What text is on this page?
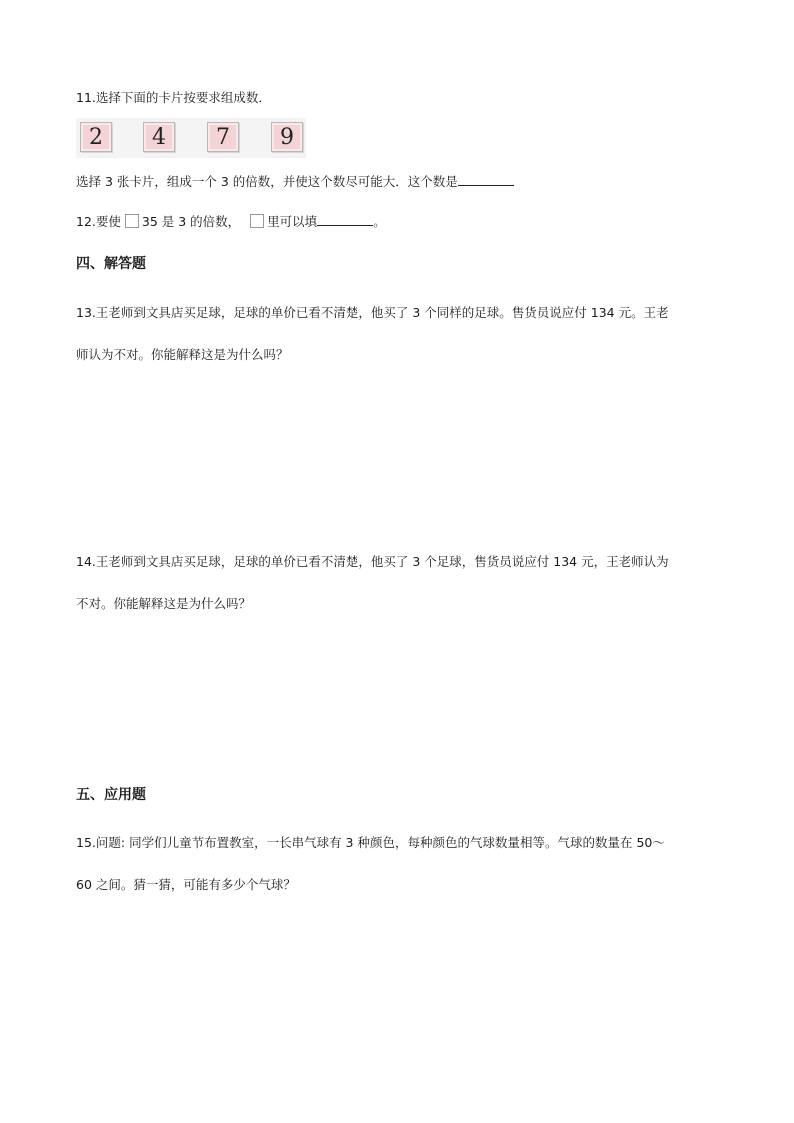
11.选择下面的卡片按要求组成数．
2	4	7	9
选择 3 张卡片，组成一个 3 的倍数，并使这个数尽可能大．这个数是
12.要使 35 是 3 的倍数， 里可以填	。
四、解答题
13.王老师到文具店买足球，足球的单价已看不清楚，他买了 3 个同样的足球。售货员说应付 134 元。王老
师认为不对。你能解释这是为什么吗？
14.王老师到文具店买足球，足球的单价已看不清楚，他买了 3 个足球，售货员说应付 134 元，王老师认为
不对。你能解释这是为什么吗？
五、应用题
15.问题: 同学们儿童节布置教室，一长串气球有 3 种颜色，每种颜色的气球数量相等。气球的数量在 50～
60 之间。猜一猜，可能有多少个气球？
